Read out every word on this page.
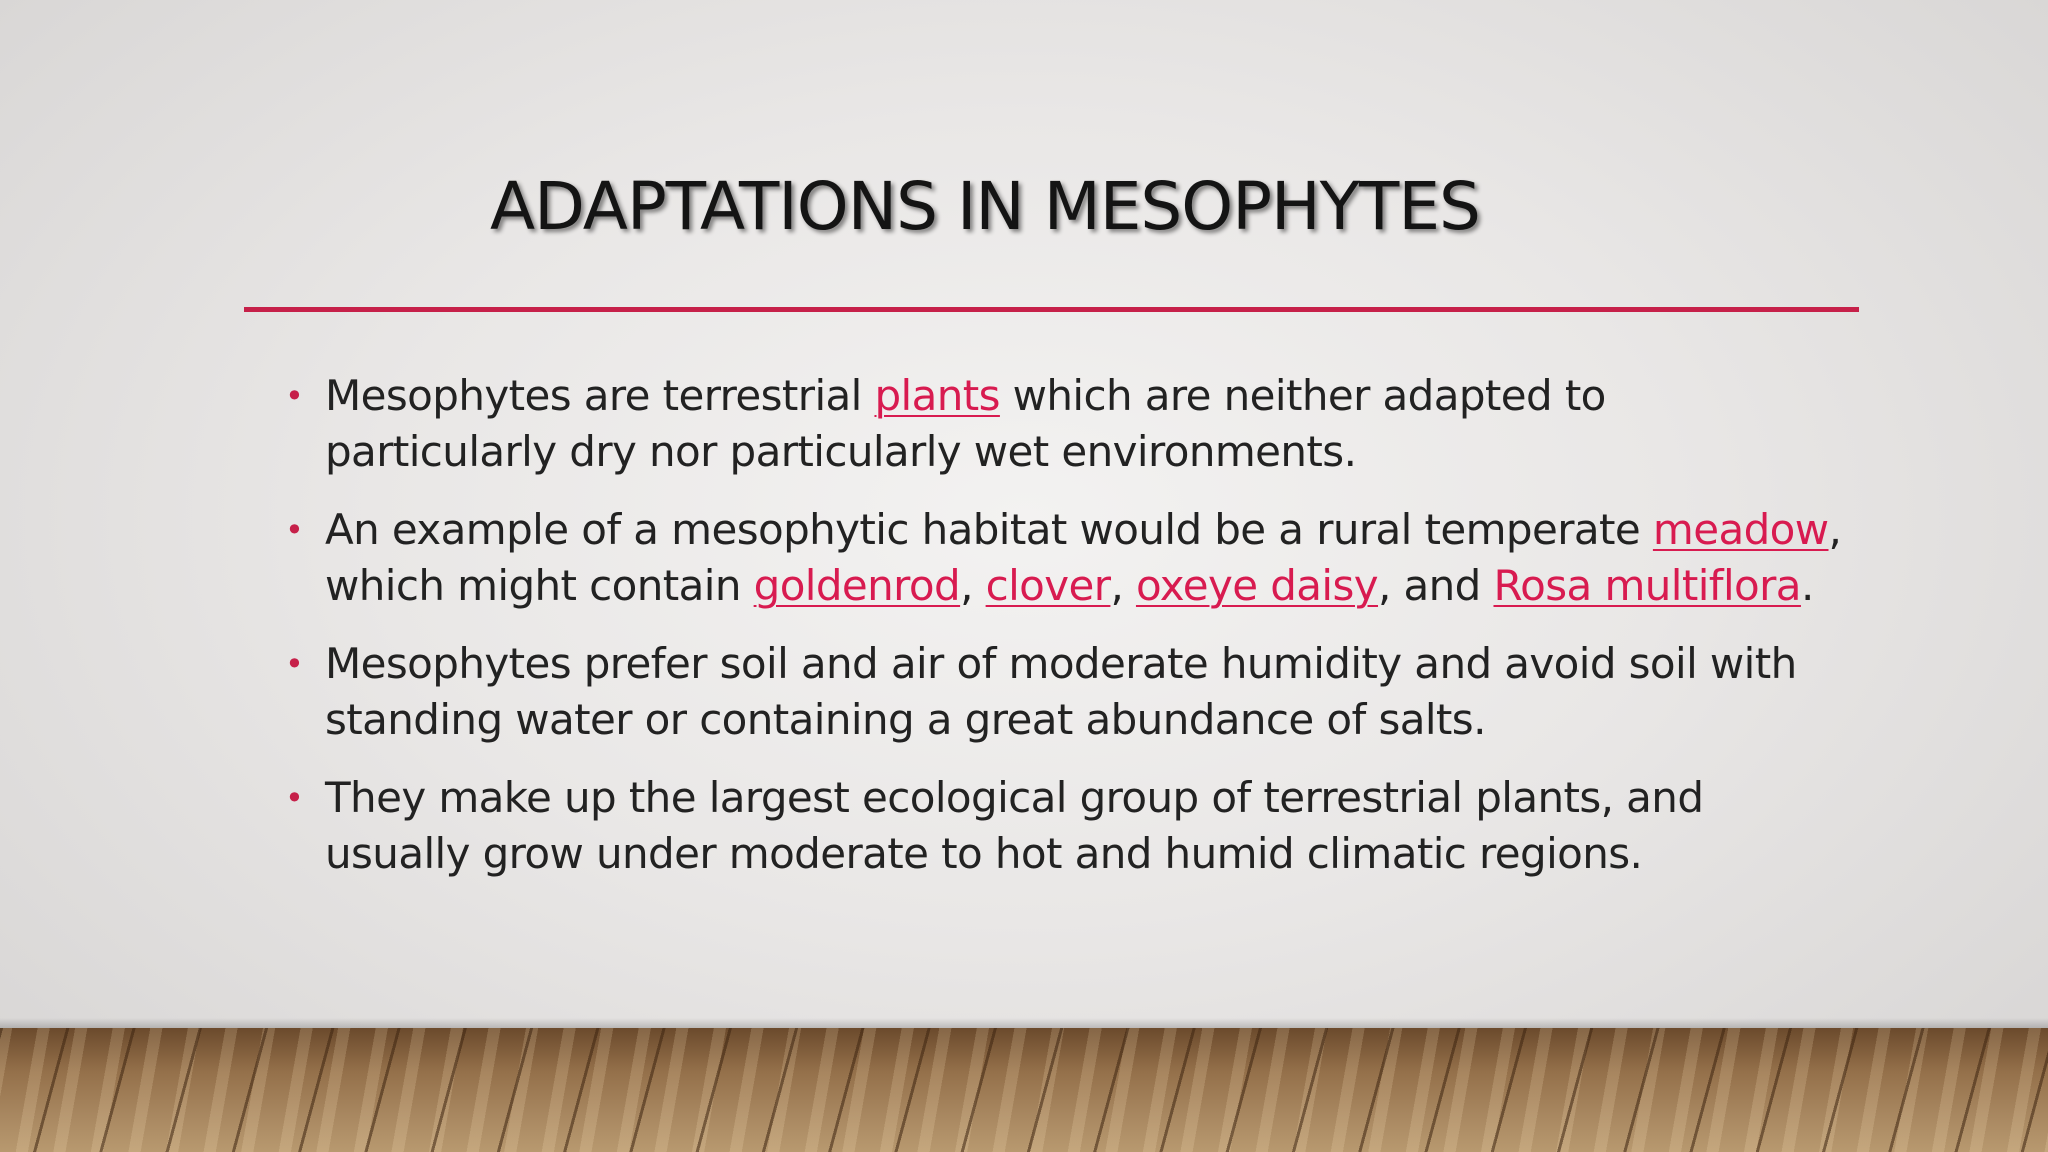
ADAPTATIONS IN MESOPHYTES
• Mesophytes are terrestrial plants which are neither adapted to particularly dry nor particularly wet environments.
• An example of a mesophytic habitat would be a rural temperate meadow, which might contain goldenrod, clover, oxeye daisy, and Rosa multiflora.
• Mesophytes prefer soil and air of moderate humidity and avoid soil with standing water or containing a great abundance of salts.
• They make up the largest ecological group of terrestrial plants, and usually grow under moderate to hot and humid climatic regions.
